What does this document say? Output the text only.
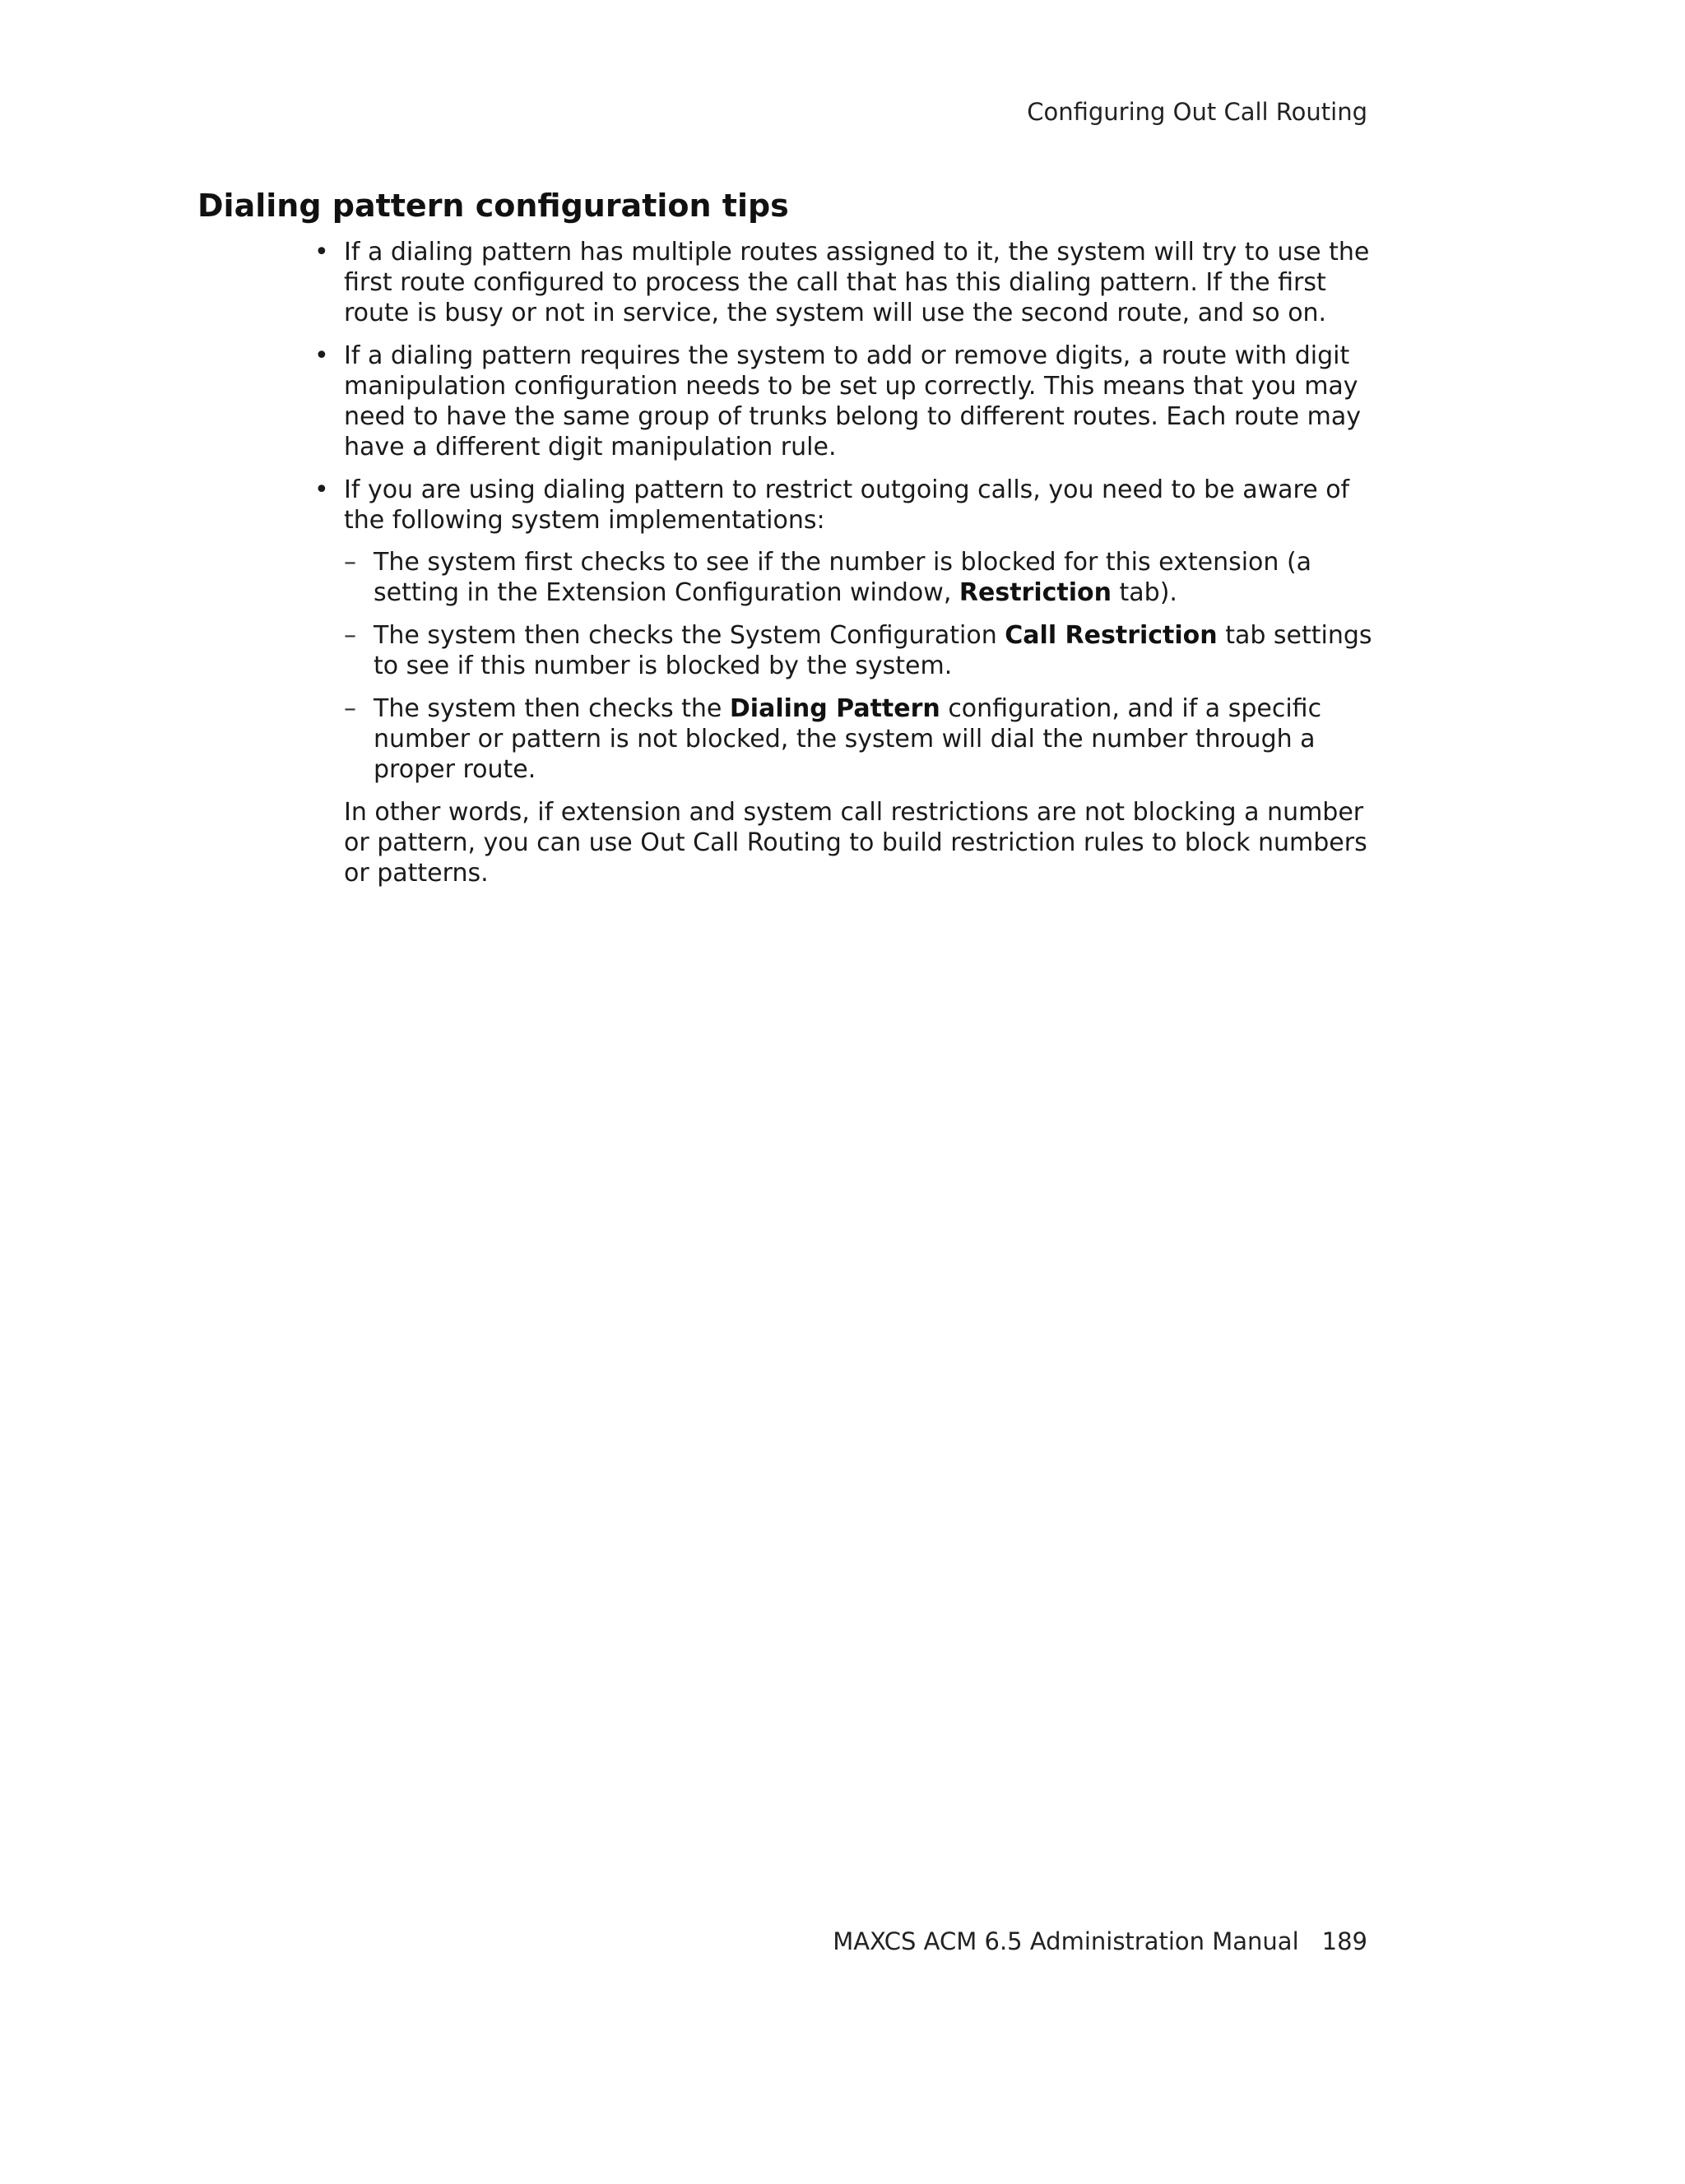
Configuring Out Call Routing
Dialing pattern configuration tips
• If a dialing pattern has multiple routes assigned to it, the system will try to use the first route configured to process the call that has this dialing pattern. If the first route is busy or not in service, the system will use the second route, and so on.
• If a dialing pattern requires the system to add or remove digits, a route with digit manipulation configuration needs to be set up correctly. This means that you may need to have the same group of trunks belong to different routes. Each route may have a different digit manipulation rule.
• If you are using dialing pattern to restrict outgoing calls, you need to be aware of the following system implementations:
– The system first checks to see if the number is blocked for this extension (a setting in the Extension Configuration window, Restriction tab).
– The system then checks the System Configuration Call Restriction tab settings to see if this number is blocked by the system.
– The system then checks the Dialing Pattern configuration, and if a specific number or pattern is not blocked, the system will dial the number through a proper route.

In other words, if extension and system call restrictions are not blocking a number or pattern, you can use Out Call Routing to build restriction rules to block numbers or patterns.

MAXCS ACM 6.5 Administration Manual 189
